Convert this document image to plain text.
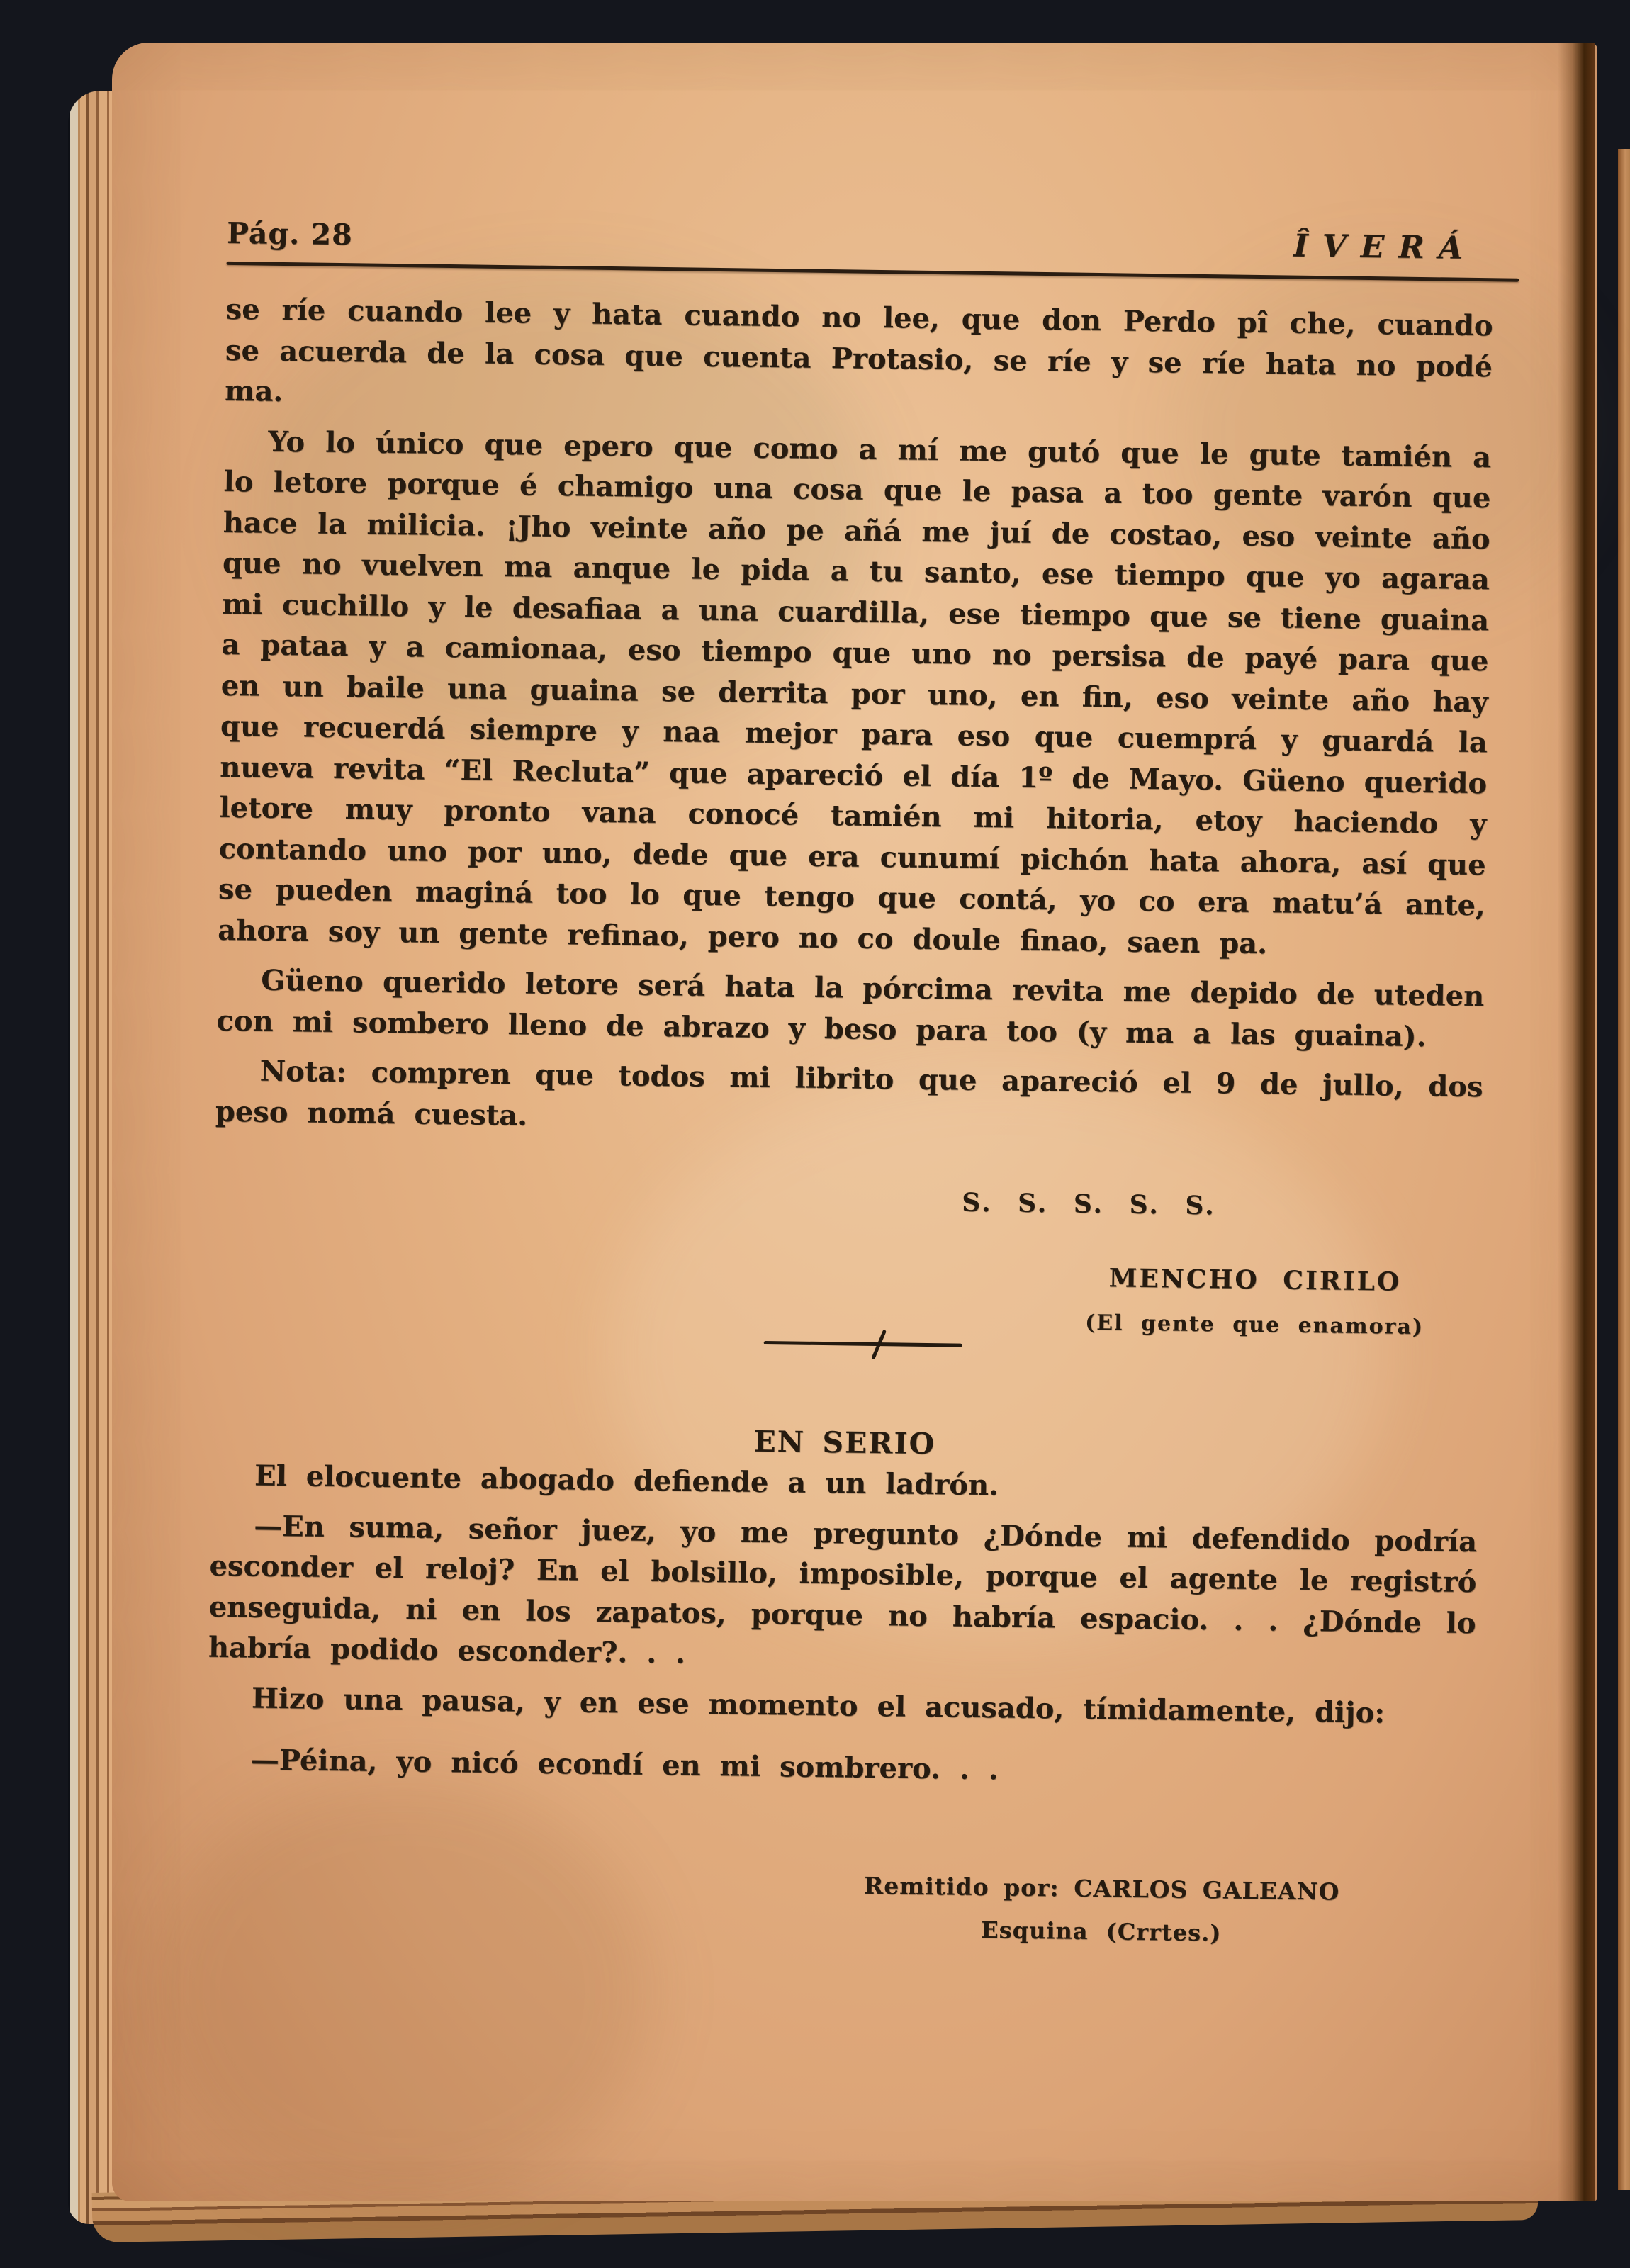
Pág. 28	ÎVERÁ

se ríe cuando lee y hata cuando no lee, que don Perdo pî che, cuando se acuerda de la cosa que cuenta Protasio, se ríe y se ríe hata no podé ma.

Yo lo único que epero que como a mí me gutó que le gute tamién a lo letore porque é chamigo una cosa que le pasa a too gente varón que hace la milicia. ¡Jho veinte año pe añá me juí de costao, eso veinte año que no vuelven ma anque le pida a tu santo, ese tiempo que yo agaraa mi cuchillo y le desafiaa a una cuardilla, ese tiempo que se tiene guaina a pataa y a camionaa, eso tiempo que uno no persisa de payé para que en un baile una guaina se derrita por uno, en fin, eso veinte año hay que recuerdá siempre y naa mejor para eso que cuemprá y guardá la nueva revita “El Recluta” que apareció el día 1º de Mayo. Güeno querido letore muy pronto vana conocé tamién mi hitoria, etoy haciendo y contando uno por uno, dede que era cunumí pichón hata ahora, así que se pueden maginá too lo que tengo que contá, yo co era matu’á ante, ahora soy un gente refinao, pero no co doule finao, saen pa.

Güeno querido letore será hata la pórcima revita me depido de uteden con mi sombero lleno de abrazo y beso para too (y ma a las guaina).

Nota: compren que todos mi librito que apareció el 9 de jullo, dos peso nomá cuesta.

S. S. S. S. S.
MENCHO CIRILO
(El gente que enamora)
EN SERIO

El elocuente abogado defiende a un ladrón.

—En suma, señor juez, yo me pregunto ¿Dónde mi defendido podría esconder el reloj? En el bolsillo, imposible, porque el agente le registró enseguida, ni en los zapatos, porque no habría espacio. . . ¿Dónde lo habría podido esconder?. . .

Hizo una pausa, y en ese momento el acusado, tímidamente, dijo:

—Péina, yo nicó econdí en mi sombrero. . .

Remitido por: CARLOS GALEANO
Esquina (Crrtes.)
